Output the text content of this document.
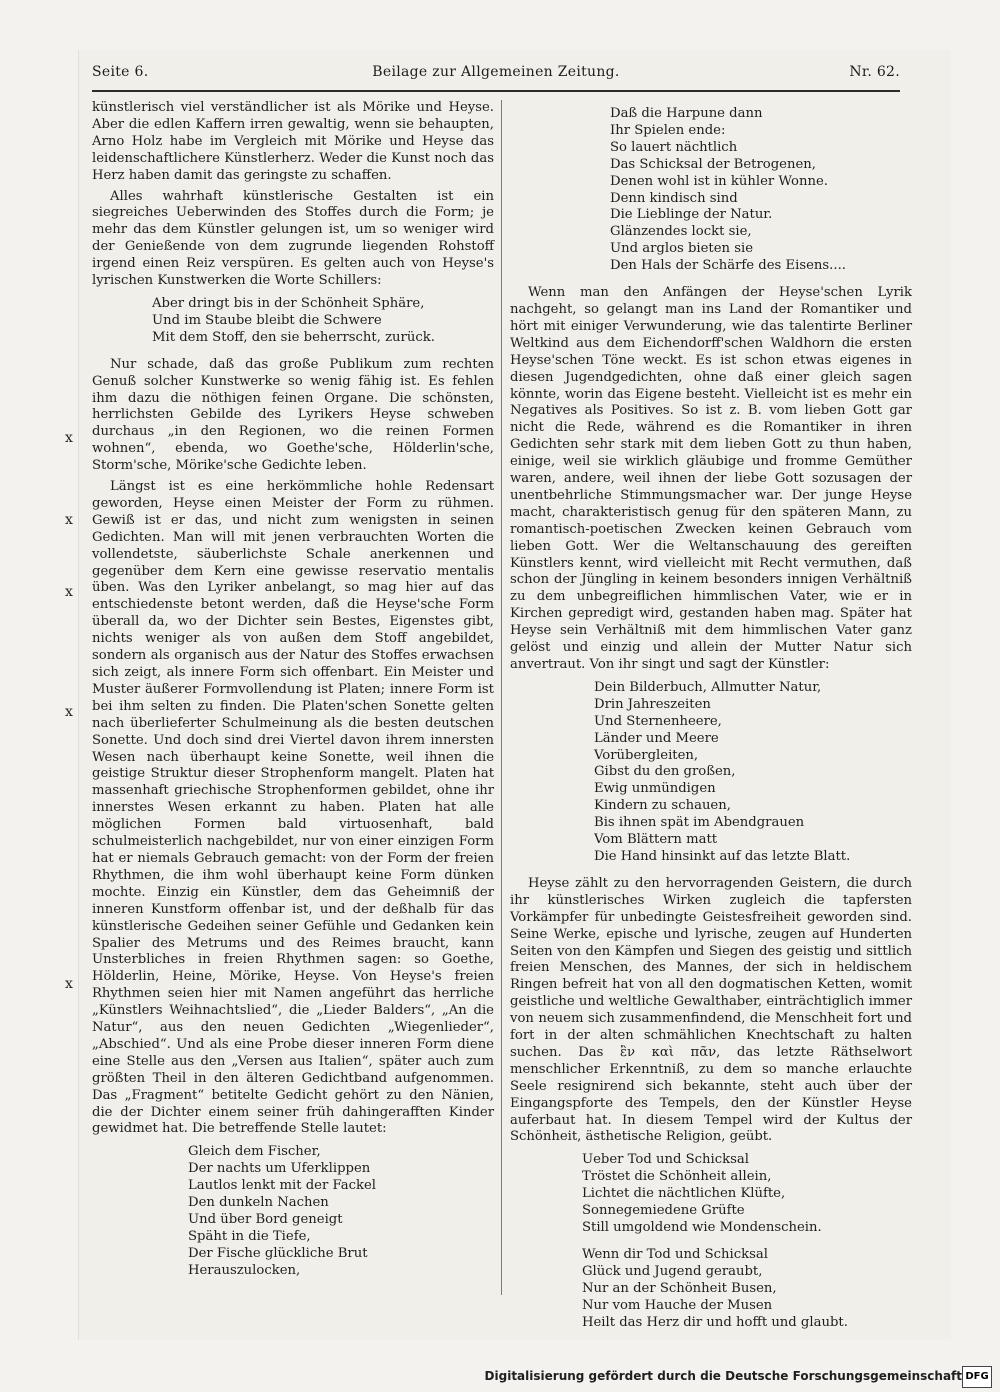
Seite 6.	Beilage zur Allgemeinen Zeitung.	Nr. 62.

künstlerisch viel verständlicher ist als Mörike und Heyse. Aber die edlen Kaffern irren gewaltig, wenn sie behaupten, Arno Holz habe im Vergleich mit Mörike und Heyse das leidenschaftlichere Künstlerherz. Weder die Kunst noch das Herz haben damit das geringste zu schaffen.

Alles wahrhaft künstlerische Gestalten ist ein siegreiches Ueberwinden des Stoffes durch die Form; je mehr das dem Künstler gelungen ist, um so weniger wird der Genießende von dem zugrunde liegenden Rohstoff irgend einen Reiz verspüren. Es gelten auch von Heyse's lyrischen Kunstwerken die Worte Schillers:

Aber dringt bis in der Schönheit Sphäre,
Und im Staube bleibt die Schwere
Mit dem Stoff, den sie beherrscht, zurück.

Nur schade, daß das große Publikum zum rechten Genuß solcher Kunstwerke so wenig fähig ist. Es fehlen ihm dazu die nöthigen feinen Organe. Die schönsten, herrlichsten Gebilde des Lyrikers Heyse schweben durchaus „in den Regionen, wo die reinen Formen wohnen“, ebenda, wo Goethe'sche, Hölderlin'sche, Storm'sche, Mörike'sche Gedichte leben.

Längst ist es eine herkömmliche hohle Redensart geworden, Heyse einen Meister der Form zu rühmen. Gewiß ist er das, und nicht zum wenigsten in seinen Gedichten. Man will mit jenen verbrauchten Worten die vollendetste, säuberlichste Schale anerkennen und gegenüber dem Kern eine gewisse reservatio mentalis üben. Was den Lyriker anbelangt, so mag hier auf das entschiedenste betont werden, daß die Heyse'sche Form überall da, wo der Dichter sein Bestes, Eigenstes gibt, nichts weniger als von außen dem Stoff angebildet, sondern als organisch aus der Natur des Stoffes erwachsen sich zeigt, als innere Form sich offenbart. Ein Meister und Muster äußerer Formvollendung ist Platen; innere Form ist bei ihm selten zu finden. Die Platen'schen Sonette gelten nach überlieferter Schulmeinung als die besten deutschen Sonette. Und doch sind drei Viertel davon ihrem innersten Wesen nach überhaupt keine Sonette, weil ihnen die geistige Struktur dieser Strophenform mangelt. Platen hat massenhaft griechische Strophenformen gebildet, ohne ihr innerstes Wesen erkannt zu haben. Platen hat alle möglichen Formen bald virtuosenhaft, bald schulmeisterlich nachgebildet, nur von einer einzigen Form hat er niemals Gebrauch gemacht: von der Form der freien Rhythmen, die ihm wohl überhaupt keine Form dünken mochte. Einzig ein Künstler, dem das Geheimniß der inneren Kunstform offenbar ist, und der deßhalb für das künstlerische Gedeihen seiner Gefühle und Gedanken kein Spalier des Metrums und des Reimes braucht, kann Unsterbliches in freien Rhythmen sagen: so Goethe, Hölderlin, Heine, Mörike, Heyse. Von Heyse's freien Rhythmen seien hier mit Namen angeführt das herrliche „Künstlers Weihnachtslied“, die „Lieder Balders“, „An die Natur“, aus den neuen Gedichten „Wiegenlieder“, „Abschied“. Und als eine Probe dieser inneren Form diene eine Stelle aus den „Versen aus Italien“, später auch zum größten Theil in den älteren Gedichtband aufgenommen. Das „Fragment“ betitelte Gedicht gehört zu den Nänien, die der Dichter einem seiner früh dahingerafften Kinder gewidmet hat. Die betreffende Stelle lautet:

Gleich dem Fischer,
Der nachts um Uferklippen
Lautlos lenkt mit der Fackel
Den dunkeln Nachen
Und über Bord geneigt
Späht in die Tiefe,
Der Fische glückliche Brut
Herauszulocken,
Daß die Harpune dann
Ihr Spielen ende:
So lauert nächtlich
Das Schicksal der Betrogenen,
Denen wohl ist in kühler Wonne.
Denn kindisch sind
Die Lieblinge der Natur.
Glänzendes lockt sie,
Und arglos bieten sie
Den Hals der Schärfe des Eisens....

Wenn man den Anfängen der Heyse'schen Lyrik nachgeht, so gelangt man ins Land der Romantiker und hört mit einiger Verwunderung, wie das talentirte Berliner Weltkind aus dem Eichendorff'schen Waldhorn die ersten Heyse'schen Töne weckt. Es ist schon etwas eigenes in diesen Jugendgedichten, ohne daß einer gleich sagen könnte, worin das Eigene besteht. Vielleicht ist es mehr ein Negatives als Positives. So ist z. B. vom lieben Gott gar nicht die Rede, während es die Romantiker in ihren Gedichten sehr stark mit dem lieben Gott zu thun haben, einige, weil sie wirklich gläubige und fromme Gemüther waren, andere, weil ihnen der liebe Gott sozusagen der unentbehrliche Stimmungsmacher war. Der junge Heyse macht, charakteristisch genug für den späteren Mann, zu romantisch-poetischen Zwecken keinen Gebrauch vom lieben Gott. Wer die Weltanschauung des gereiften Künstlers kennt, wird vielleicht mit Recht vermuthen, daß schon der Jüngling in keinem besonders innigen Verhältniß zu dem unbegreiflichen himmlischen Vater, wie er in Kirchen gepredigt wird, gestanden haben mag. Später hat Heyse sein Verhältniß mit dem himmlischen Vater ganz gelöst und einzig und allein der Mutter Natur sich anvertraut. Von ihr singt und sagt der Künstler:

Dein Bilderbuch, Allmutter Natur,
Drin Jahreszeiten
Und Sternenheere,
Länder und Meere
Vorübergleiten,
Gibst du den großen,
Ewig unmündigen
Kindern zu schauen,
Bis ihnen spät im Abendgrauen
Vom Blättern matt
Die Hand hinsinkt auf das letzte Blatt.

Heyse zählt zu den hervorragenden Geistern, die durch ihr künstlerisches Wirken zugleich die tapfersten Vorkämpfer für unbedingte Geistesfreiheit geworden sind. Seine Werke, epische und lyrische, zeugen auf Hunderten Seiten von den Kämpfen und Siegen des geistig und sittlich freien Menschen, des Mannes, der sich in heldischem Ringen befreit hat von all den dogmatischen Ketten, womit geistliche und weltliche Gewalthaber, einträchtiglich immer von neuem sich zusammenfindend, die Menschheit fort und fort in der alten schmählichen Knechtschaft zu halten suchen. Das ἓν καὶ πᾶν, das letzte Räthselwort menschlicher Erkenntniß, zu dem so manche erlauchte Seele resignirend sich bekannte, steht auch über der Eingangspforte des Tempels, den der Künstler Heyse auferbaut hat. In diesem Tempel wird der Kultus der Schönheit, ästhetische Religion, geübt.

Ueber Tod und Schicksal
Tröstet die Schönheit allein,
Lichtet die nächtlichen Klüfte,
Sonnegemiedene Grüfte
Still umgoldend wie Mondenschein.
Wenn dir Tod und Schicksal
Glück und Jugend geraubt,
Nur an der Schönheit Busen,
Nur vom Hauche der Musen
Heilt das Herz dir und hofft und glaubt.
x
x
x
x
x
Digitalisierung gefördert durch die Deutsche Forschungsgemeinschaft DFG
